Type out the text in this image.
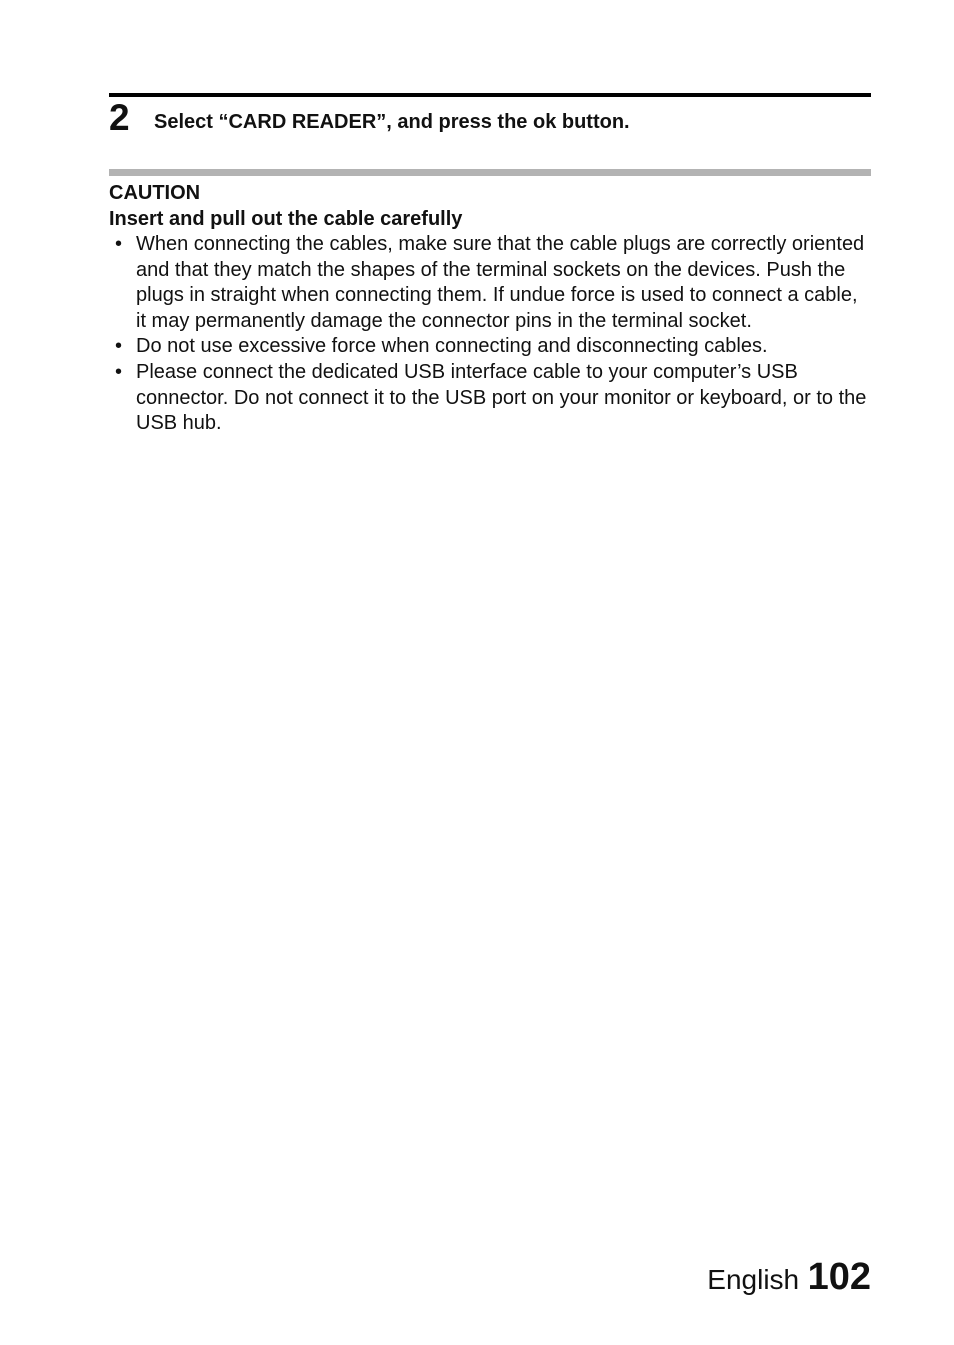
2 Select “CARD READER”, and press the ok button.

CAUTION

Insert and pull out the cable carefully

• When connecting the cables, make sure that the cable plugs are correctly oriented and that they match the shapes of the terminal sockets on the devices. Push the plugs in straight when connecting them. If undue force is used to connect a cable, it may permanently damage the connector pins in the terminal socket.
• Do not use excessive force when connecting and disconnecting cables.
• Please connect the dedicated USB interface cable to your computer’s USB connector. Do not connect it to the USB port on your monitor or keyboard, or to the USB hub.
English 102
